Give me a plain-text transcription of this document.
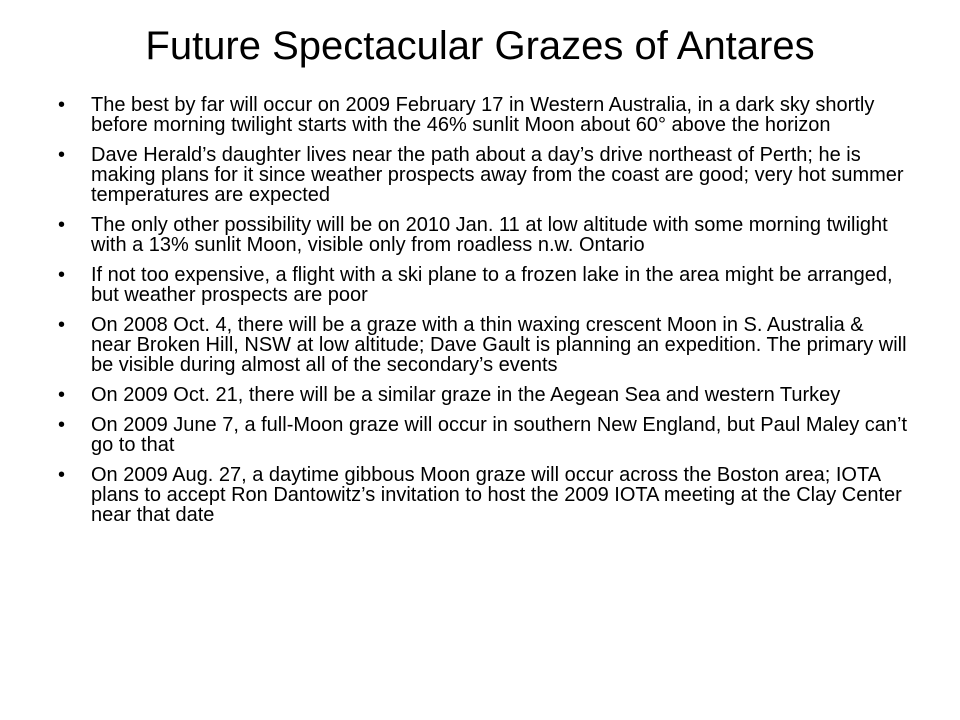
Future Spectacular Grazes of Antares
• The best by far will occur on 2009 February 17 in Western Australia, in a dark sky shortly before morning twilight starts with the 46% sunlit Moon about 60° above the horizon
• Dave Herald’s daughter lives near the path about a day’s drive northeast of Perth; he is making plans for it since weather prospects away from the coast are good; very hot summer temperatures are expected
• The only other possibility will be on 2010 Jan. 11 at low altitude with some morning twilight with a 13% sunlit Moon, visible only from roadless n.w. Ontario
• If not too expensive, a flight with a ski plane to a frozen lake in the area might be arranged, but weather prospects are poor
• On 2008 Oct. 4, there will be a graze with a thin waxing crescent Moon in S. Australia & near Broken Hill, NSW at low altitude; Dave Gault is planning an expedition. The primary will be visible during almost all of the secondary’s events
• On 2009 Oct. 21, there will be a similar graze in the Aegean Sea and western Turkey
• On 2009 June 7, a full-Moon graze will occur in southern New England, but Paul Maley can’t go to that
• On 2009 Aug. 27, a daytime gibbous Moon graze will occur across the Boston area; IOTA plans to accept Ron Dantowitz’s invitation to host the 2009 IOTA meeting at the Clay Center near that date
